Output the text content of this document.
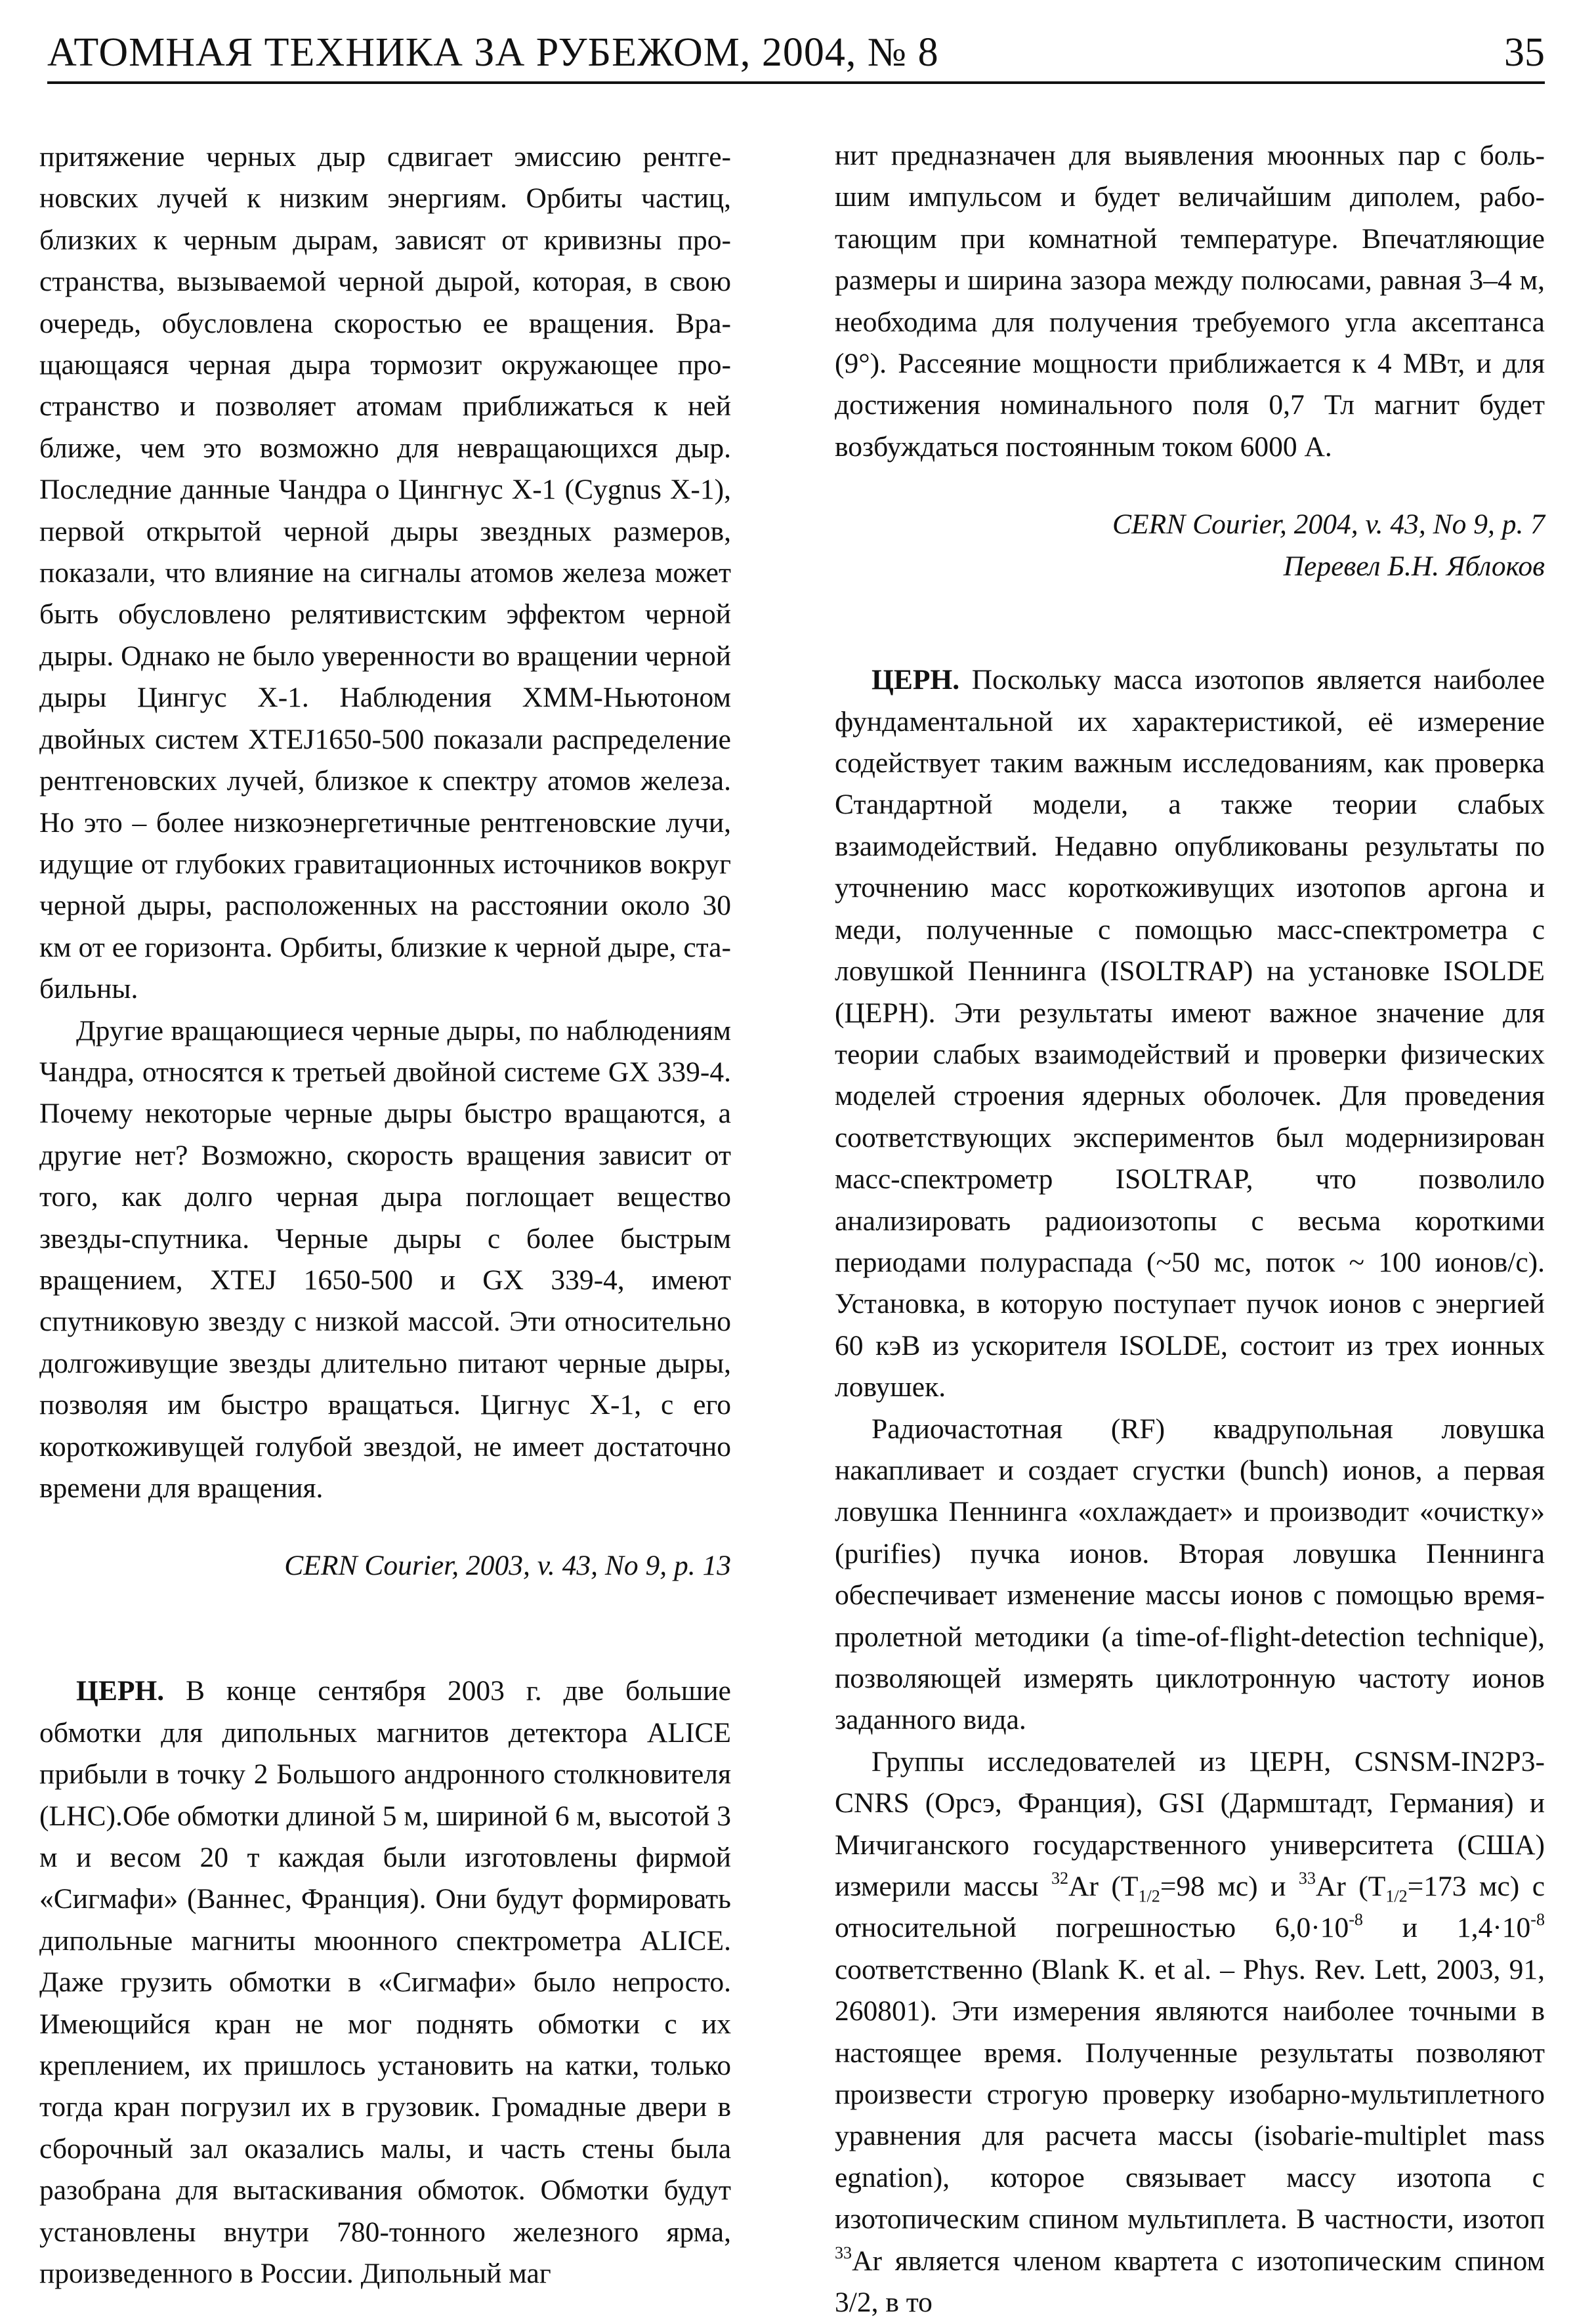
АТОМНАЯ ТЕХНИКА ЗА РУБЕЖОМ, 2004, № 8	35

притяжение черных дыр сдвигает эмиссию рентгеновских лучей к низким энергиям. Орбиты частиц, близких к черным дырам, зависят от кривизны пространства, вызываемой черной дырой, которая, в свою очередь, обусловлена скоростью ее вращения. Вращающаяся черная дыра тормозит окружающее пространство и позволяет атомам приближаться к ней ближе, чем это возможно для невращающихся дыр. Последние данные Чандра о Цингнус Х-1 (Cygnus X-1), первой открытой черной дыры звездных размеров, показали, что влияние на сигналы атомов железа может быть обусловлено релятивистским эффектом черной дыры. Однако не было уверенности во вращении черной дыры Цингус Х-1. Наблюдения XMM-Ньютоном двойных систем XTEJ1650-500 показали распределение рентгеновских лучей, близкое к спектру атомов железа. Но это – более низкоэнергетичные рентгеновские лучи, идущие от глубоких гравитационных источников вокруг черной дыры, расположенных на расстоянии около 30 км от ее горизонта. Орбиты, близкие к черной дыре, стабильны.

Другие вращающиеся черные дыры, по наблюдениям Чандра, относятся к третьей двойной системе GX 339-4. Почему некоторые черные дыры быстро вращаются, а другие нет? Возможно, скорость вращения зависит от того, как долго черная дыра поглощает вещество звезды-спутника. Черные дыры с более быстрым вращением, XTEJ 1650-500 и GX 339-4, имеют спутниковую звезду с низкой массой. Эти относительно долгоживущие звезды длительно питают черные дыры, позволяя им быстро вращаться. Цигнус X-1, с его короткоживущей голубой звездой, не имеет достаточно времени для вращения.

CERN Courier, 2003, v. 43, No 9, p. 13

ЦЕРН. В конце сентября 2003 г. две большие обмотки для дипольных магнитов детектора ALICE прибыли в точку 2 Большого андронного столкновителя (LHC).Обе обмотки длиной 5 м, шириной 6 м, высотой 3 м и весом 20 т каждая были изготовлены фирмой «Сигмафи» (Ваннес, Франция). Они будут формировать дипольные магниты мюонного спектрометра ALICE. Даже грузить обмотки в «Сигмафи» было непросто. Имеющийся кран не мог поднять обмотки с их креплением, их пришлось установить на катки, только тогда кран погрузил их в грузовик. Громадные двери в сборочный зал оказались малы, и часть стены была разобрана для вытаскивания обмоток. Обмотки будут установлены внутри 780-тонного железного ярма, произведенного в России. Дипольный маг

нит предназначен для выявления мюонных пар с большим импульсом и будет величайшим диполем, работающим при комнатной температуре. Впечатляющие размеры и ширина зазора между полюсами, равная 3–4 м, необходима для получения требуемого угла аксептанса (9°). Рассеяние мощности приближается к 4 МВт, и для достижения номинального поля 0,7 Тл магнит будет возбуждаться постоянным током 6000 А.

CERN Courier, 2004, v. 43, No 9, p. 7
Перевел Б.Н. Яблоков

ЦЕРН. Поскольку масса изотопов является наиболее фундаментальной их характеристикой, её измерение содействует таким важным исследованиям, как проверка Стандартной модели, а также теории слабых взаимодействий. Недавно опубликованы результаты по уточнению масс короткоживущих изотопов аргона и меди, полученные с помощью масс-спектрометра с ловушкой Пеннинга (ISOLTRAP) на установке ISOLDE (ЦЕРН). Эти результаты имеют важное значение для теории слабых взаимодействий и проверки физических моделей строения ядерных оболочек. Для проведения соответствующих экспериментов был модернизирован масс-спектрометр ISOLTRAP, что позволило анализировать радиоизотопы с весьма короткими периодами полураспада (~50 мс, поток ~ 100 ионов/с). Установка, в которую поступает пучок ионов с энергией 60 кэВ из ускорителя ISOLDE, состоит из трех ионных ловушек.

Радиочастотная (RF) квадрупольная ловушка накапливает и создает сгустки (bunch) ионов, а первая ловушка Пеннинга «охлаждает» и производит «очистку» (purifies) пучка ионов. Вторая ловушка Пеннинга обеспечивает изменение массы ионов с помощью время-пролетной методики (a time-of-flight-detection technique), позволяющей измерять циклотронную частоту ионов заданного вида.

Группы исследователей из ЦЕРН, CSNSM-IN2P3-CNRS (Орсэ, Франция), GSI (Дармштадт, Германия) и Мичиганского государственного университета (США) измерили массы $^{32}$Ar ($T_{1/2}=98$ мс) и $^{33}$Ar ($T_{1/2}=173$ мс) с относительной погрешностью $6,0\cdot 10^{-8}$ и $1,4\cdot 10^{-8}$ соответственно (Blank K. et al. – Phys. Rev. Lett, 2003, 91, 260801). Эти измерения являются наиболее точными в настоящее время. Полученные результаты позволяют произвести строгую проверку изобарно-мультиплетного уравнения для расчета массы (isobarie-multiplet mass egnation), которое связывает массу изотопа с изотопическим спином мультиплета. В частности, изотоп $^{33}$Ar является членом квартета с изотопическим спином 3/2, в то
